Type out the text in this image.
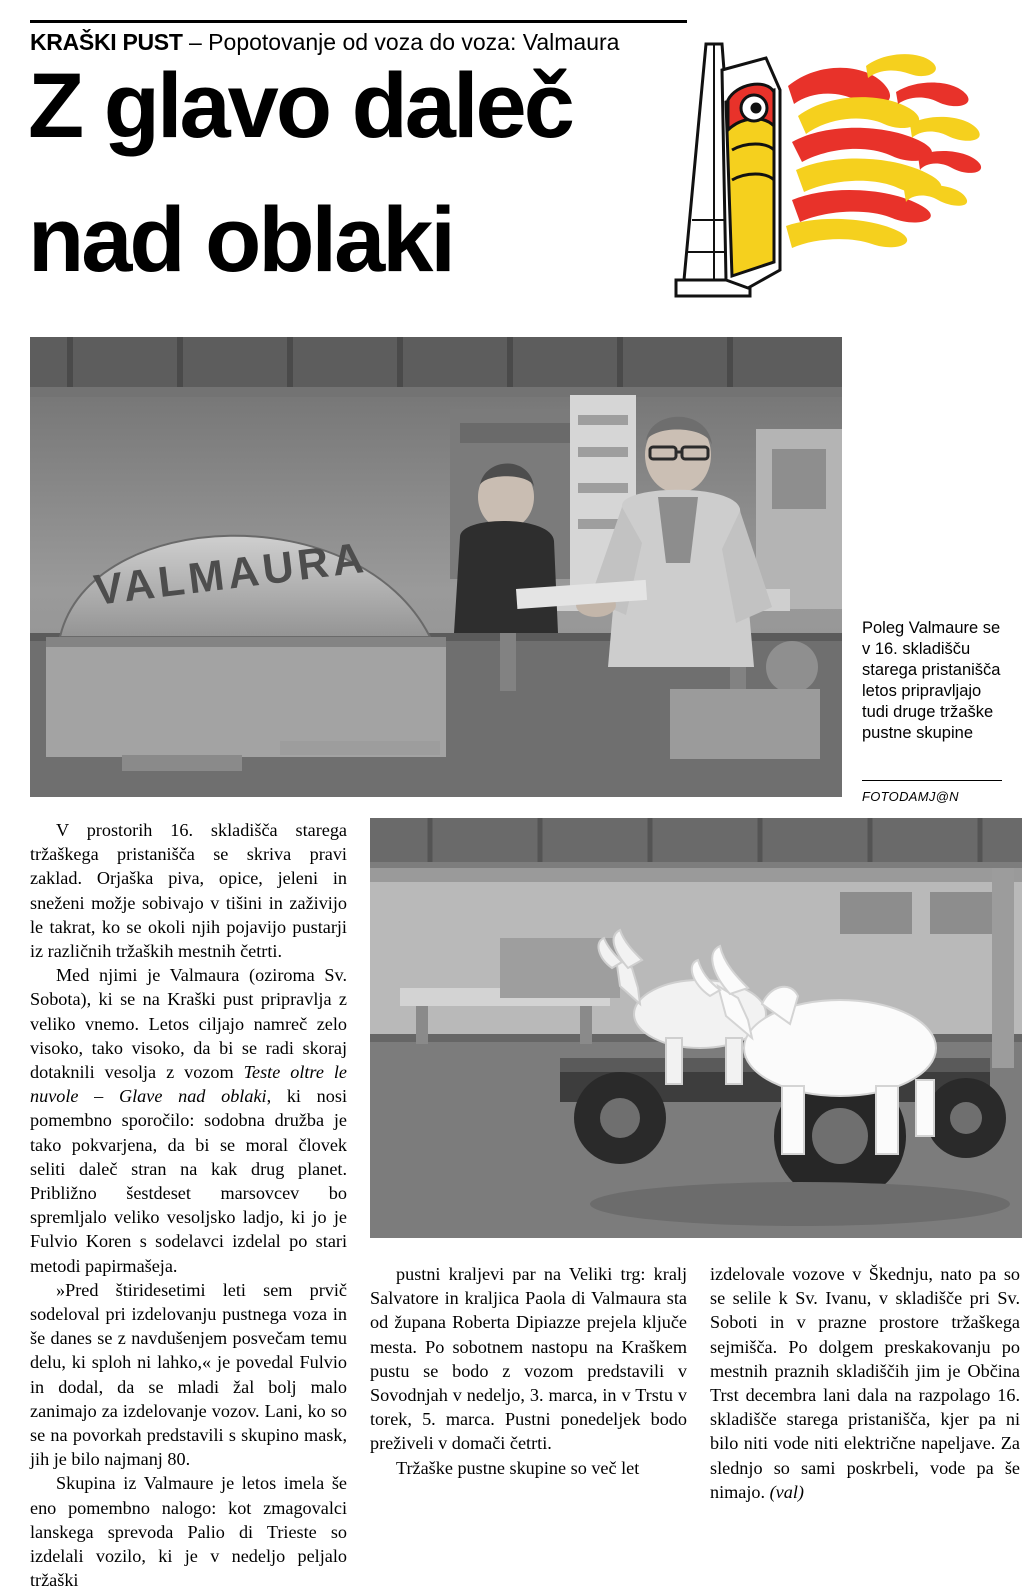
KRAŠKI PUST – Popotovanje od voza do voza: Valmaura
Z glavo daleč
nad oblaki
VALMAURA
Poleg Valmaure se v 16. skladišču starega pristanišča letos pripravljajo tudi druge tržaške pustne skupine
FOTODAMJ@N

V prostorih 16. skladišča starega tržaškega pristanišča se skriva pravi zaklad. Orjaška piva, opice, jeleni in sneženi možje sobivajo v tišini in zaživijo le takrat, ko se okoli njih pojavijo pustarji iz različnih tržaških mestnih četrti.

Med njimi je Valmaura (oziroma Sv. Sobota), ki se na Kraški pust pripravlja z veliko vnemo. Letos ciljajo namreč zelo visoko, tako visoko, da bi se radi skoraj dotaknili vesolja z vozom Teste oltre le nuvole – Glave nad oblaki, ki nosi pomembno sporočilo: sodobna družba je tako pokvarjena, da bi se moral človek seliti daleč stran na kak drug planet. Približno šestdeset marsovcev bo spremljalo veliko vesoljsko ladjo, ki jo je Fulvio Koren s sodelavci izdelal po stari metodi papirmašeja.

»Pred štiridesetimi leti sem prvič sodeloval pri izdelovanju pustnega voza in še danes se z navdušenjem posvečam temu delu, ki sploh ni lahko,« je povedal Fulvio in dodal, da se mladi žal bolj malo zanimajo za izdelovanje vozov. Lani, ko so se na povorkah predstavili s skupino mask, jih je bilo najmanj 80.

Skupina iz Valmaure je letos imela še eno pomembno nalogo: kot zmagovalci lanskega sprevoda Palio di Trieste so izdelali vozilo, ki je v nedeljo peljalo tržaški

pustni kraljevi par na Veliki trg: kralj Salvatore in kraljica Paola di Valmaura sta od župana Roberta Dipiazze prejela ključe mesta. Po sobotnem nastopu na Kraškem pustu se bodo z vozom predstavili v Sovodnjah v nedeljo, 3. marca, in v Trstu v torek, 5. marca. Pustni ponedeljek bodo preživeli v domači četrti.

Tržaške pustne skupine so več let

izdelovale vozove v Škednju, nato pa so se selile k Sv. Ivanu, v skladišče pri Sv. Soboti in v prazne prostore tržaškega sejmišča. Po dolgem preskakovanju po mestnih praznih skladiščih jim je Občina Trst decembra lani dala na razpolago 16. skladišče starega pristanišča, kjer pa ni bilo niti vode niti električne napeljave. Za slednjo so sami poskrbeli, vode pa še nimajo. (val)
